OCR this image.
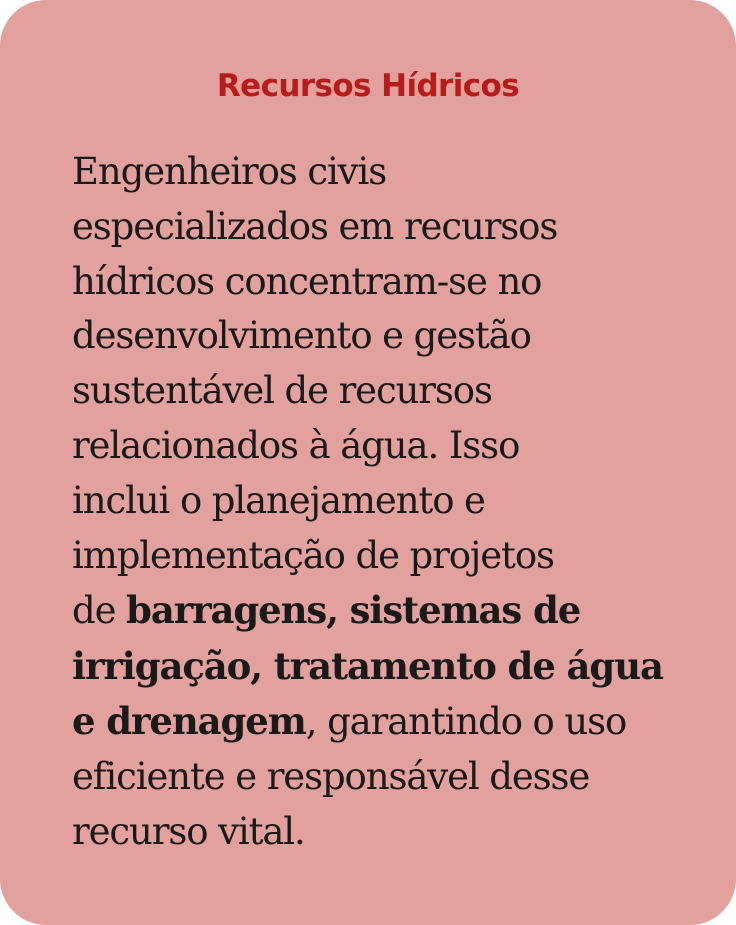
Recursos Hídricos

Engenheiros civis
especializados em recursos
hídricos concentram-se no
desenvolvimento e gestão
sustentável de recursos
relacionados à água. Isso
inclui o planejamento e
implementação de projetos
de barragens, sistemas de
irrigação, tratamento de água
e drenagem, garantindo o uso
eficiente e responsável desse
recurso vital.
